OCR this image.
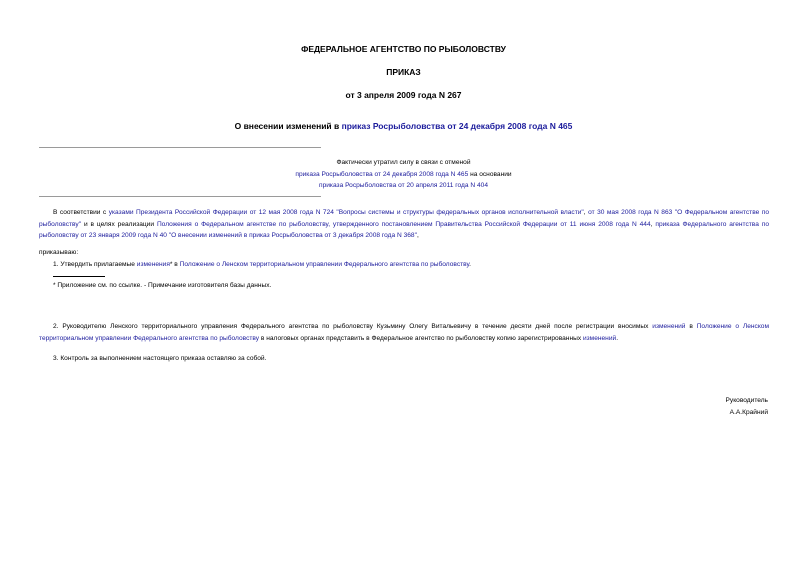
ФЕДЕРАЛЬНОЕ АГЕНТСТВО ПО РЫБОЛОВСТВУ
ПРИКАЗ
от 3 апреля 2009 года N 267
О внесении изменений в приказ Росрыболовства от 24 декабря 2008 года N 465
Фактически утратил силу в связи с отменой
приказа Росрыболовства от 24 декабря 2008 года N 465 на основании
приказа Росрыболовства от 20 апреля 2011 года N 404
В соответствии с указами Президента Российской Федерации от 12 мая 2008 года N 724 "Вопросы системы и структуры федеральных органов исполнительной власти", от 30 мая 2008 года N 863 "О Федеральном агентстве по рыболовству" и в целях реализации Положения о Федеральном агентстве по рыболовству, утвержденного постановлением Правительства Российской Федерации от 11 июня 2008 года N 444, приказа Федерального агентства по рыболовству от 23 января 2009 года N 40 "О внесении изменений в приказ Росрыболовства от 3 декабря 2008 года N 368",
приказываю:
1. Утвердить прилагаемые изменения* в Положение о Ленском территориальном управлении Федерального агентства по рыболовству.
* Приложение см. по ссылке. - Примечание изготовителя базы данных.
2. Руководителю Ленского территориального управления Федерального агентства по рыболовству Кузьмину Олегу Витальевичу в течение десяти дней после регистрации вносимых изменений в Положение о Ленском территориальном управлении Федерального агентства по рыболовству в налоговых органах представить в Федеральное агентство по рыболовству копию зарегистрированных изменений.
3. Контроль за выполнением настоящего приказа оставляю за собой.
Руководитель
А.А.Крайний
